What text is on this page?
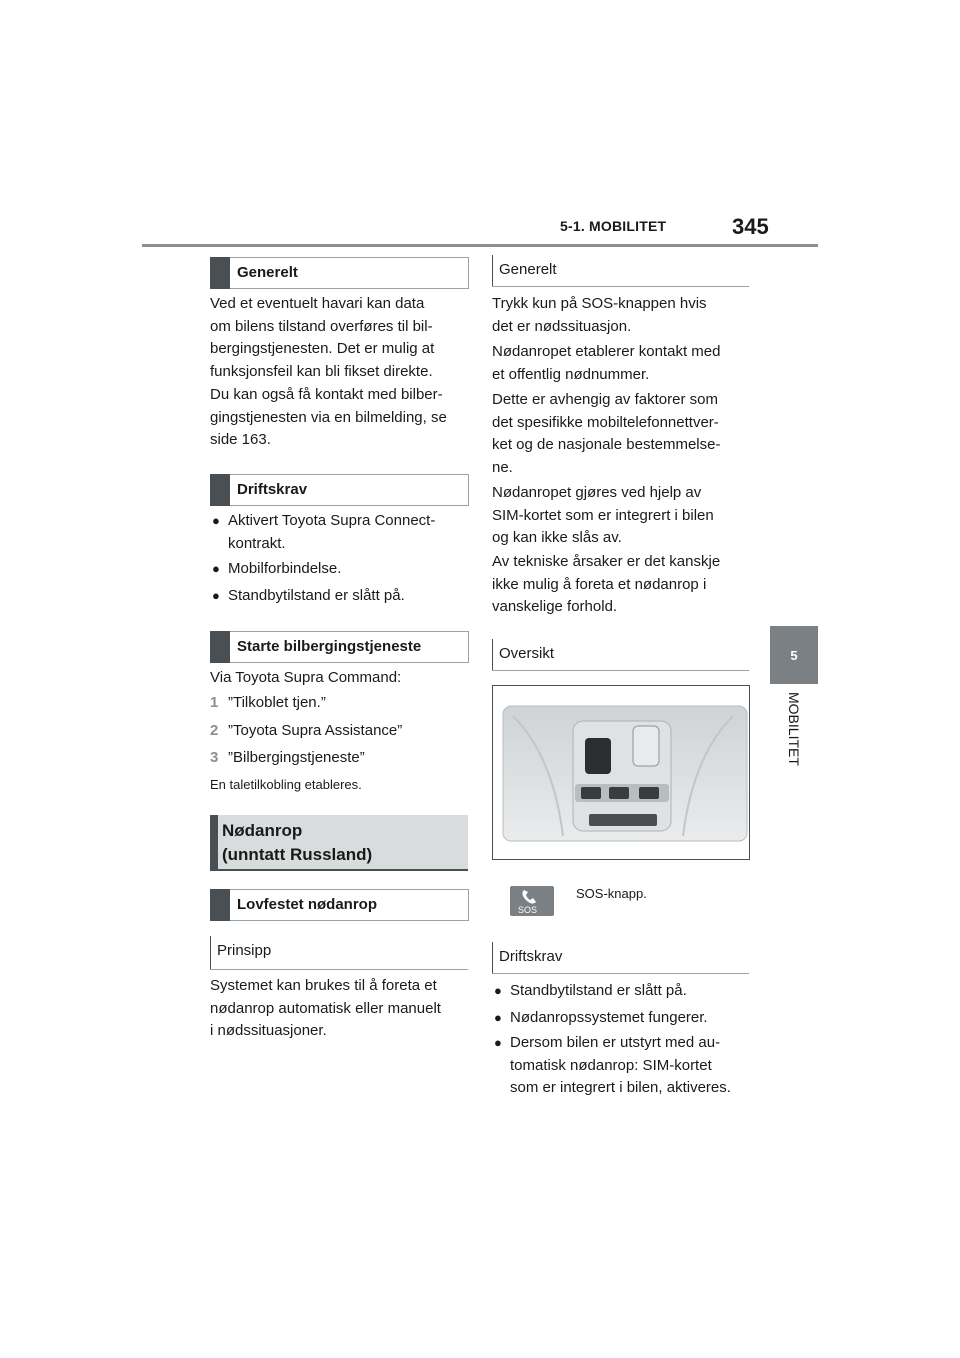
5-1. MOBILITET	345
5
MOBILITET
Generelt
Ved et eventuelt havari kan data
om bilens tilstand overføres til bil-
bergingstjenesten. Det er mulig at
funksjonsfeil kan bli fikset direkte.
Du kan også få kontakt med bilber-
gingstjenesten via en bilmelding, se
side 163.
Driftskrav
● Aktivert Toyota Supra Connect-
kontrakt.
● Mobilforbindelse.
● Standbytilstand er slått på.
Starte bilbergingstjeneste
Via Toyota Supra Command:
1 ”Tilkoblet tjen.”
2 ”Toyota Supra Assistance”
3 ”Bilbergingstjeneste”
En taletilkobling etableres.
Nødanrop
(unntatt Russland)
Lovfestet nødanrop
Prinsipp
Systemet kan brukes til å foreta et
nødanrop automatisk eller manuelt
i nødssituasjoner.
Generelt
Trykk kun på SOS-knappen hvis
det er nødssituasjon.
Nødanropet etablerer kontakt med
et offentlig nødnummer.
Dette er avhengig av faktorer som
det spesifikke mobiltelefonnettver-
ket og de nasjonale bestemmelse-
ne.
Nødanropet gjøres ved hjelp av
SIM-kortet som er integrert i bilen
og kan ikke slås av.
Av tekniske årsaker er det kanskje
ikke mulig å foreta et nødanrop i
vanskelige forhold.
Oversikt
SOS
SOS-knapp.
Driftskrav
● Standbytilstand er slått på.
● Nødanropssystemet fungerer.
● Dersom bilen er utstyrt med au-
tomatisk nødanrop: SIM-kortet
som er integrert i bilen, aktiveres.
